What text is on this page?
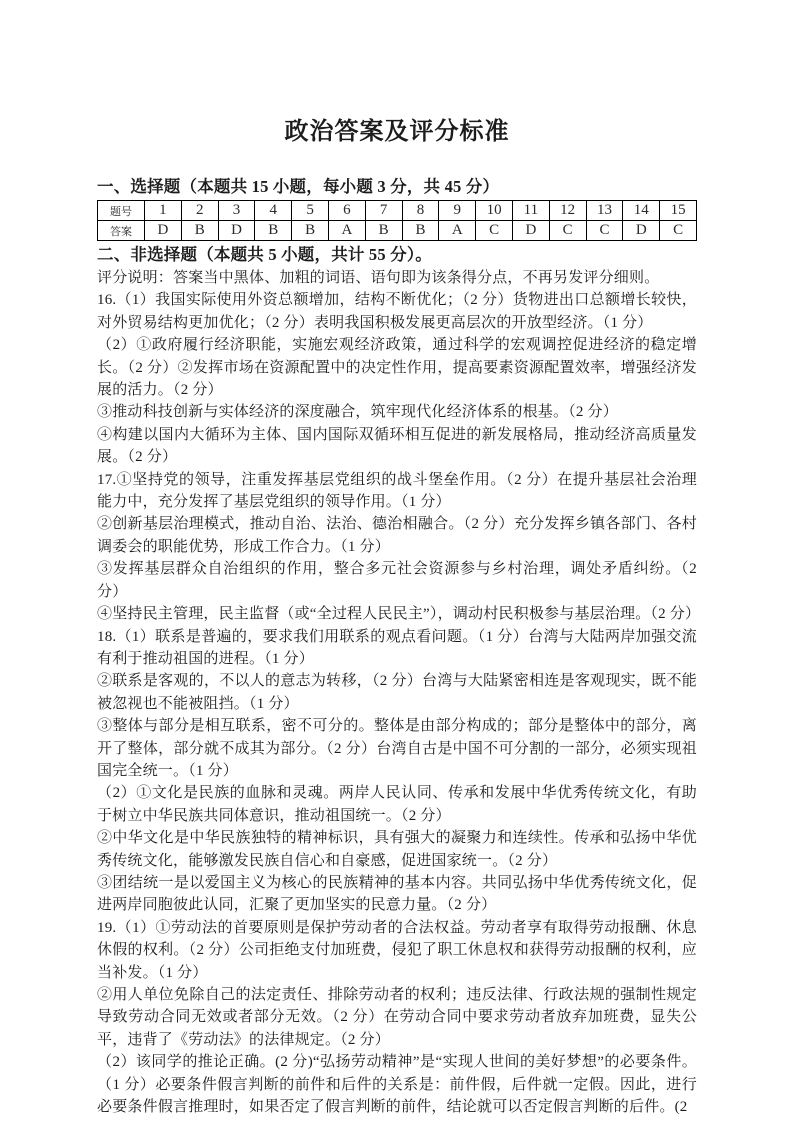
政治答案及评分标准
一、选择题（本题共 15 小题，每小题 3 分，共 45 分）
题号	1	2	3	4	5	6	7	8	9	10	11	12	13	14	15
答案	D	B	D	B	B	A	B	B	A	C	D	C	C	D	C
二、非选择题（本题共 5 小题，共计 55 分）。

评分说明：答案当中黑体、加粗的词语、语句即为该条得分点，不再另发评分细则。

16.（1）我国实际使用外资总额增加，结构不断优化；（2 分）货物进出口总额增长较快，对外贸易结构更加优化；（2 分）表明我国积极发展更高层次的开放型经济。（1 分）

（2）①政府履行经济职能，实施宏观经济政策，通过科学的宏观调控促进经济的稳定增长。（2 分）②发挥市场在资源配置中的决定性作用，提高要素资源配置效率，增强经济发展的活力。（2 分）

③推动科技创新与实体经济的深度融合，筑牢现代化经济体系的根基。（2 分）

④构建以国内大循环为主体、国内国际双循环相互促进的新发展格局，推动经济高质量发展。（2 分）

17.①坚持党的领导，注重发挥基层党组织的战斗堡垒作用。（2 分）在提升基层社会治理能力中，充分发挥了基层党组织的领导作用。（1 分）

②创新基层治理模式，推动自治、法治、德治相融合。（2 分）充分发挥乡镇各部门、各村调委会的职能优势，形成工作合力。（1 分）

③发挥基层群众自治组织的作用，整合多元社会资源参与乡村治理，调处矛盾纠纷。（2 分）

④坚持民主管理，民主监督（或“全过程人民民主”），调动村民积极参与基层治理。（2 分）

18.（1）联系是普遍的，要求我们用联系的观点看问题。（1 分）台湾与大陆两岸加强交流有利于推动祖国的进程。（1 分）

②联系是客观的，不以人的意志为转移，（2 分）台湾与大陆紧密相连是客观现实，既不能被忽视也不能被阻挡。（1 分）

③整体与部分是相互联系，密不可分的。整体是由部分构成的；部分是整体中的部分，离开了整体，部分就不成其为部分。（2 分）台湾自古是中国不可分割的一部分，必须实现祖国完全统一。（1 分）

（2）①文化是民族的血脉和灵魂。两岸人民认同、传承和发展中华优秀传统文化，有助于树立中华民族共同体意识，推动祖国统一。（2 分）

②中华文化是中华民族独特的精神标识，具有强大的凝聚力和连续性。传承和弘扬中华优秀传统文化，能够激发民族自信心和自豪感，促进国家统一。（2 分）

③团结统一是以爱国主义为核心的民族精神的基本内容。共同弘扬中华优秀传统文化，促进两岸同胞彼此认同，汇聚了更加坚实的民意力量。（2 分）

19.（1）①劳动法的首要原则是保护劳动者的合法权益。劳动者享有取得劳动报酬、休息休假的权利。（2 分）公司拒绝支付加班费，侵犯了职工休息权和获得劳动报酬的权利，应当补发。（1 分）

②用人单位免除自己的法定责任、排除劳动者的权利；违反法律、行政法规的强制性规定导致劳动合同无效或者部分无效。（2 分）在劳动合同中要求劳动者放弃加班费，显失公平，违背了《劳动法》的法律规定。（2 分）

（2）该同学的推论正确。(2 分)“弘扬劳动精神”是“实现人世间的美好梦想”的必要条件。（1 分）必要条件假言判断的前件和后件的关系是：前件假，后件就一定假。因此，进行必要条件假言推理时，如果否定了假言判断的前件，结论就可以否定假言判断的后件。(2
